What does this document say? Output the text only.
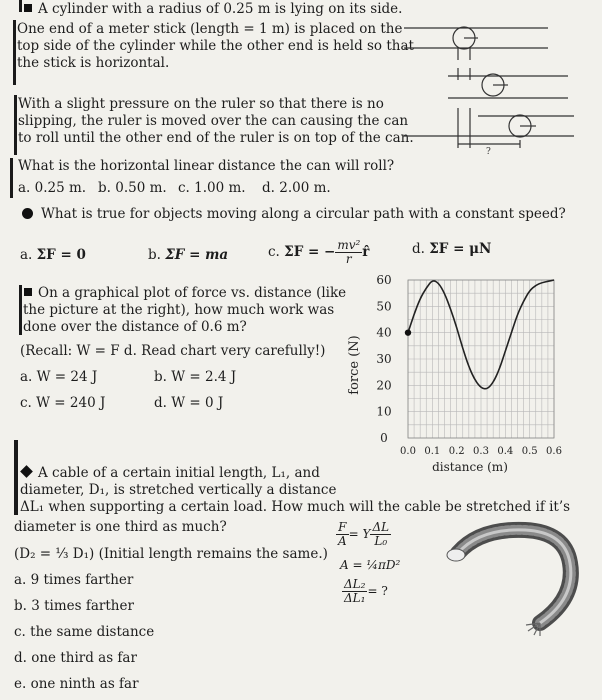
A cylinder with a radius of 0.25 m is lying on its side.
One end of a meter stick (length = 1 m) is placed on the
top side of the cylinder while the other end is held so that
the stick is horizontal.
With a slight pressure on the ruler so that there is no
slipping, the ruler is moved over the can causing the can
to roll until the other end of the ruler is on top of the can.
What is the horizontal linear distance the can will roll?
a. 0.25 m. b. 0.50 m. c. 1.00 m. d. 2.00 m.
?
What is true for objects moving along a circular path with a constant speed?
a. ΣF = 0	b. ΣF = ma	c. ΣF = − $\frac{\text{mv²}}{r}$ r̂	d. ΣF = μN
On a graphical plot of force vs. distance (like
the picture at the right), how much work was
done over the distance of 0.6 m?
(Recall: W = F d. Read chart very carefully!)
a. W = 24 J	b. W = 2.4 J
c. W = 240 J	d. W = 0 J
0
10
20
30
40
50
60
0.0 0.1 0.2 0.3 0.4 0.5 0.6
distance (m)
force (N)
A cable of a certain initial length, L₁, and
diameter, D₁, is stretched vertically a distance
ΔL₁ when supporting a certain load. How much will the cable be stretched if it’s
diameter is one third as much?
(D₂ = ⅓ D₁) (Initial length remains the same.)
$\frac{F}{A} = Y \frac{\Delta L}{\text{L₀}}$
A = ¼πD²
$\frac{\text{ΔL₂}}{\text{ΔL₁}}$ = ?
a. 9 times farther
b. 3 times farther
c. the same distance
d. one third as far
e. one ninth as far
